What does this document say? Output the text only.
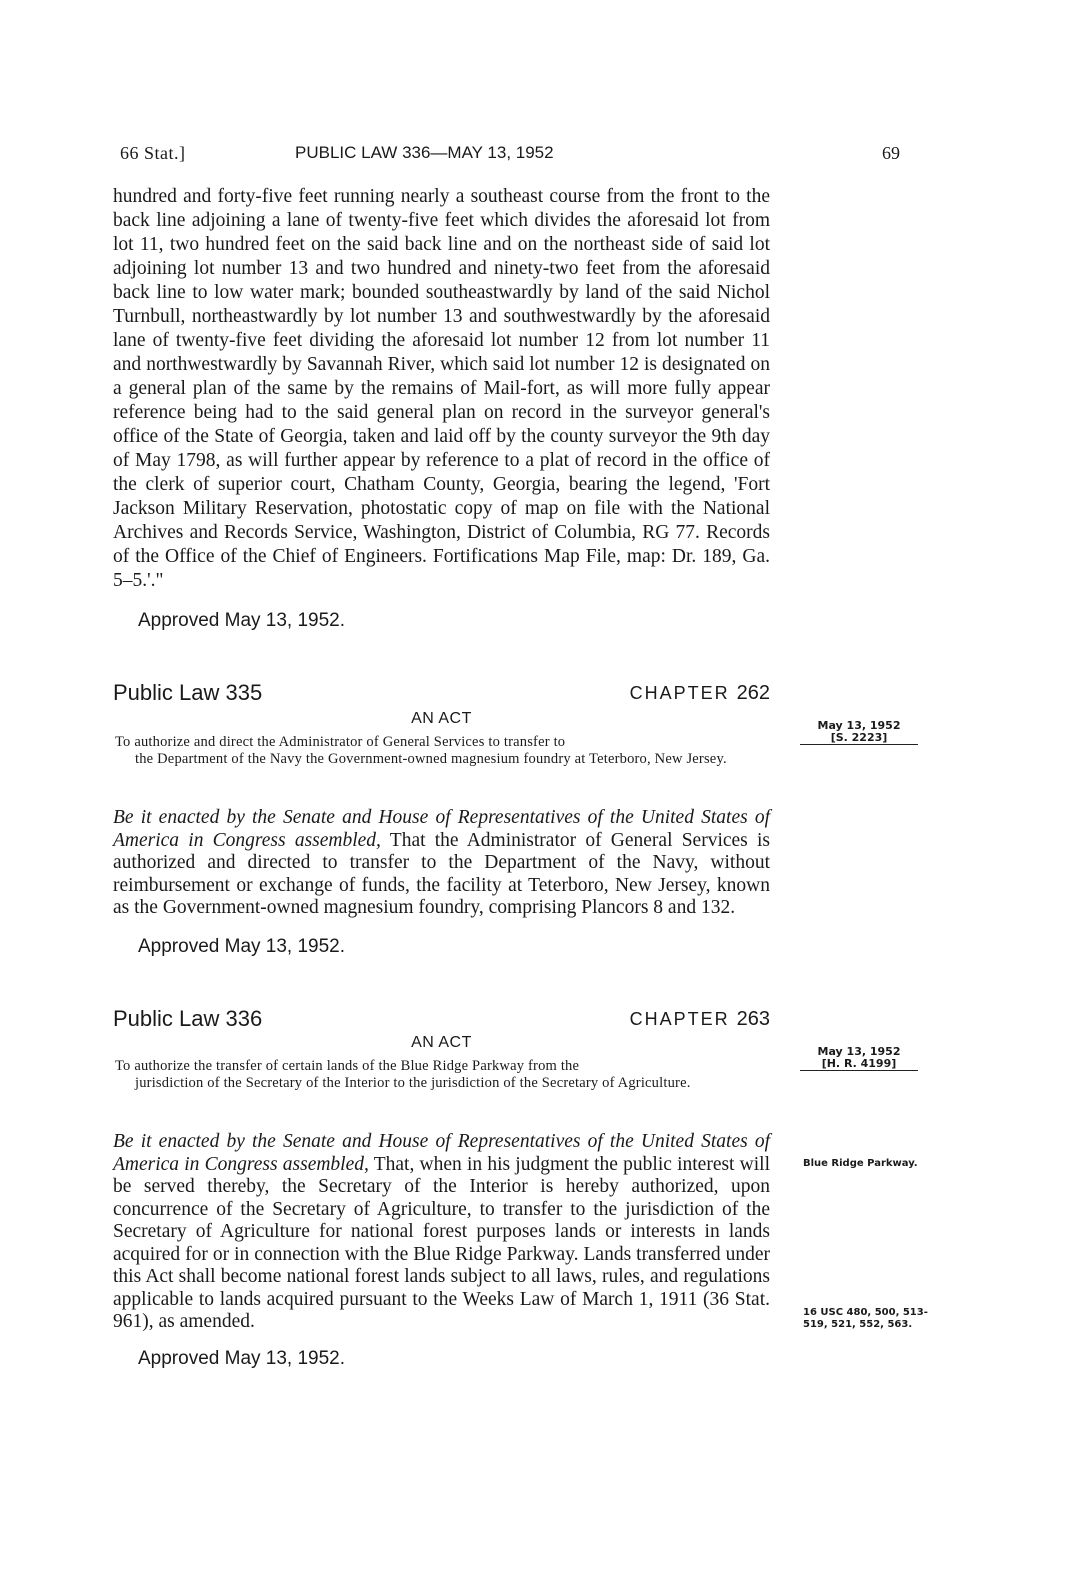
66 Stat.]	PUBLIC LAW 336—MAY 13, 1952	69

hundred and forty-five feet running nearly a southeast course from the front to the back line adjoining a lane of twenty-five feet which divides the aforesaid lot from lot 11, two hundred feet on the said back line and on the northeast side of said lot adjoining lot number 13 and two hundred and ninety-two feet from the aforesaid back line to low water mark; bounded southeastwardly by land of the said Nichol Turnbull, northeastwardly by lot number 13 and southwestwardly by the aforesaid lane of twenty-five feet dividing the aforesaid lot number 12 from lot number 11 and northwestwardly by Savannah River, which said lot number 12 is designated on a general plan of the same by the remains of Mail-fort, as will more fully appear reference being had to the said general plan on record in the surveyor general's office of the State of Georgia, taken and laid off by the county surveyor the 9th day of May 1798, as will further appear by reference to a plat of record in the office of the clerk of superior court, Chatham County, Georgia, bearing the legend, 'Fort Jackson Military Reservation, photostatic copy of map on file with the National Archives and Records Service, Washington, District of Columbia, RG 77. Records of the Office of the Chief of Engineers. Fortifications Map File, map: Dr. 189, Ga. 5–5.'."

Approved May 13, 1952.

Public Law 335	CHAPTER 262
AN ACT

To authorize and direct the Administrator of General Services to transfer to
the Department of the Navy the Government-owned magnesium foundry at Teterboro, New Jersey.

May 13, 1952
[S. 2223]

Be it enacted by the Senate and House of Representatives of the United States of America in Congress assembled, That the Administrator of General Services is authorized and directed to transfer to the Department of the Navy, without reimbursement or exchange of funds, the facility at Teterboro, New Jersey, known as the Government-owned magnesium foundry, comprising Plancors 8 and 132.

Approved May 13, 1952.

Public Law 336	CHAPTER 263
AN ACT

To authorize the transfer of certain lands of the Blue Ridge Parkway from the
jurisdiction of the Secretary of the Interior to the jurisdiction of the Secretary of Agriculture.

May 13, 1952
[H. R. 4199]

Be it enacted by the Senate and House of Representatives of the United States of America in Congress assembled, That, when in his judgment the public interest will be served thereby, the Secretary of the Interior is hereby authorized, upon concurrence of the Secretary of Agriculture, to transfer to the jurisdiction of the Secretary of Agriculture for national forest purposes lands or interests in lands acquired for or in connection with the Blue Ridge Parkway. Lands transferred under this Act shall become national forest lands subject to all laws, rules, and regulations applicable to lands acquired pursuant to the Weeks Law of March 1, 1911 (36 Stat. 961), as amended.

Blue Ridge Parkway.

16 USC 480, 500, 513-519, 521, 552, 563.

Approved May 13, 1952.
